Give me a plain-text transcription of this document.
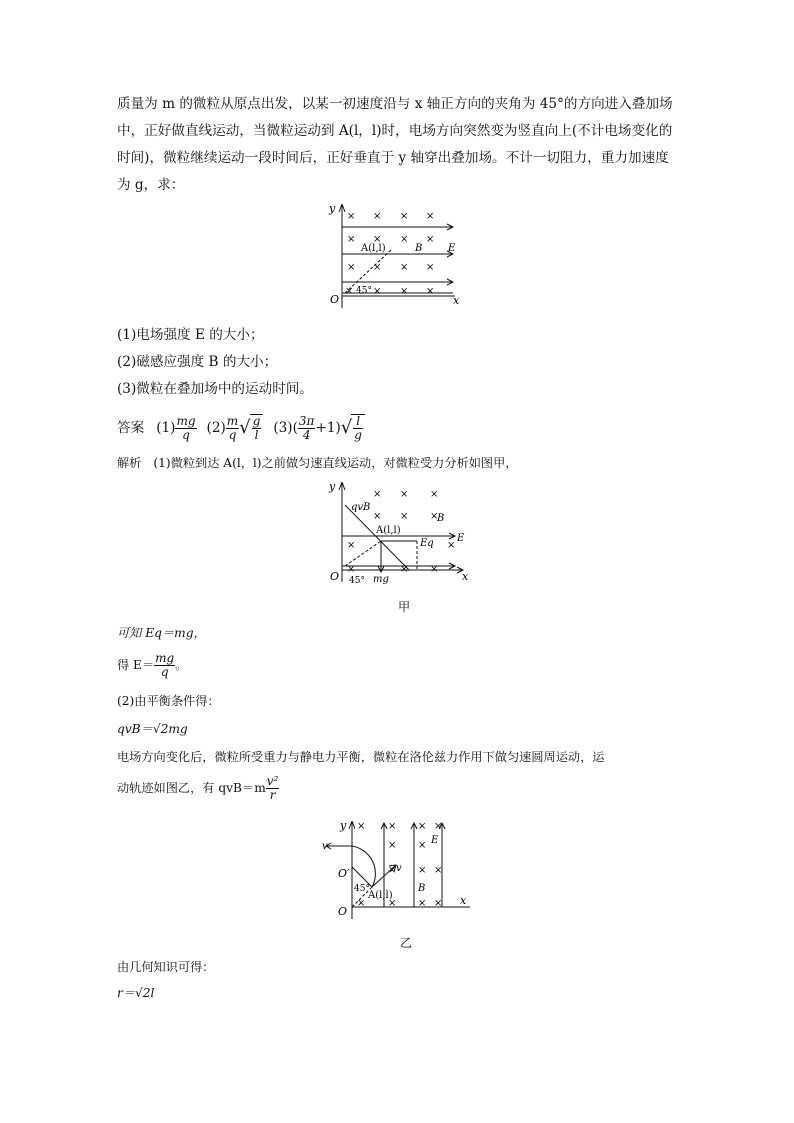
质量为 m 的微粒从原点出发，以某一初速度沿与 x 轴正方向的夹角为 45°的方向进入叠加场
中，正好做直线运动，当微粒运动到 A(l，l)时，电场方向突然变为竖直向上(不计电场变化的
时间)，微粒继续运动一段时间后，正好垂直于 y 轴穿出叠加场。不计一切阻力，重力加速度
为 g，求：
y
x
O
A(l,l)	B	E
45°
× × × ×
× × × ×
× × × ×
× × × ×
(1)电场强度 E 的大小；
(2)磁感应强度 B 的大小；
(3)微粒在叠加场中的运动时间。
答案 $(1) \frac{mg}{q} (2) \frac{m}{q}$ √ $\frac{g}{l} (3)( \frac{3\pi}{4} +1)$ √ $\frac{l}{g}$
解析 (1)微粒到达 A(l，l)之前做匀速直线运动，对微粒受力分析如图甲，
y
x
O
qvB
A(l,l)
B
E
Eq
mg
45°
× × ×
× × ×
×	×
×	× ×
甲
可知 Eq＝mg，
得 $E= \frac{mg}{q}$ 。
(2)由平衡条件得：
qvB＝√2mg
电场方向变化后，微粒所受重力与静电力平衡，微粒在洛伦兹力作用下做匀速圆周运动，运
动轨迹如图乙，有 $qvB=m \frac{\text{v²}}{r}$
y
x
O
O′
v
v
A(l,l)
B
E
45°
× × × ×
× ×
× × ×
× × × ×
乙
由几何知识可得：
r＝√2l
